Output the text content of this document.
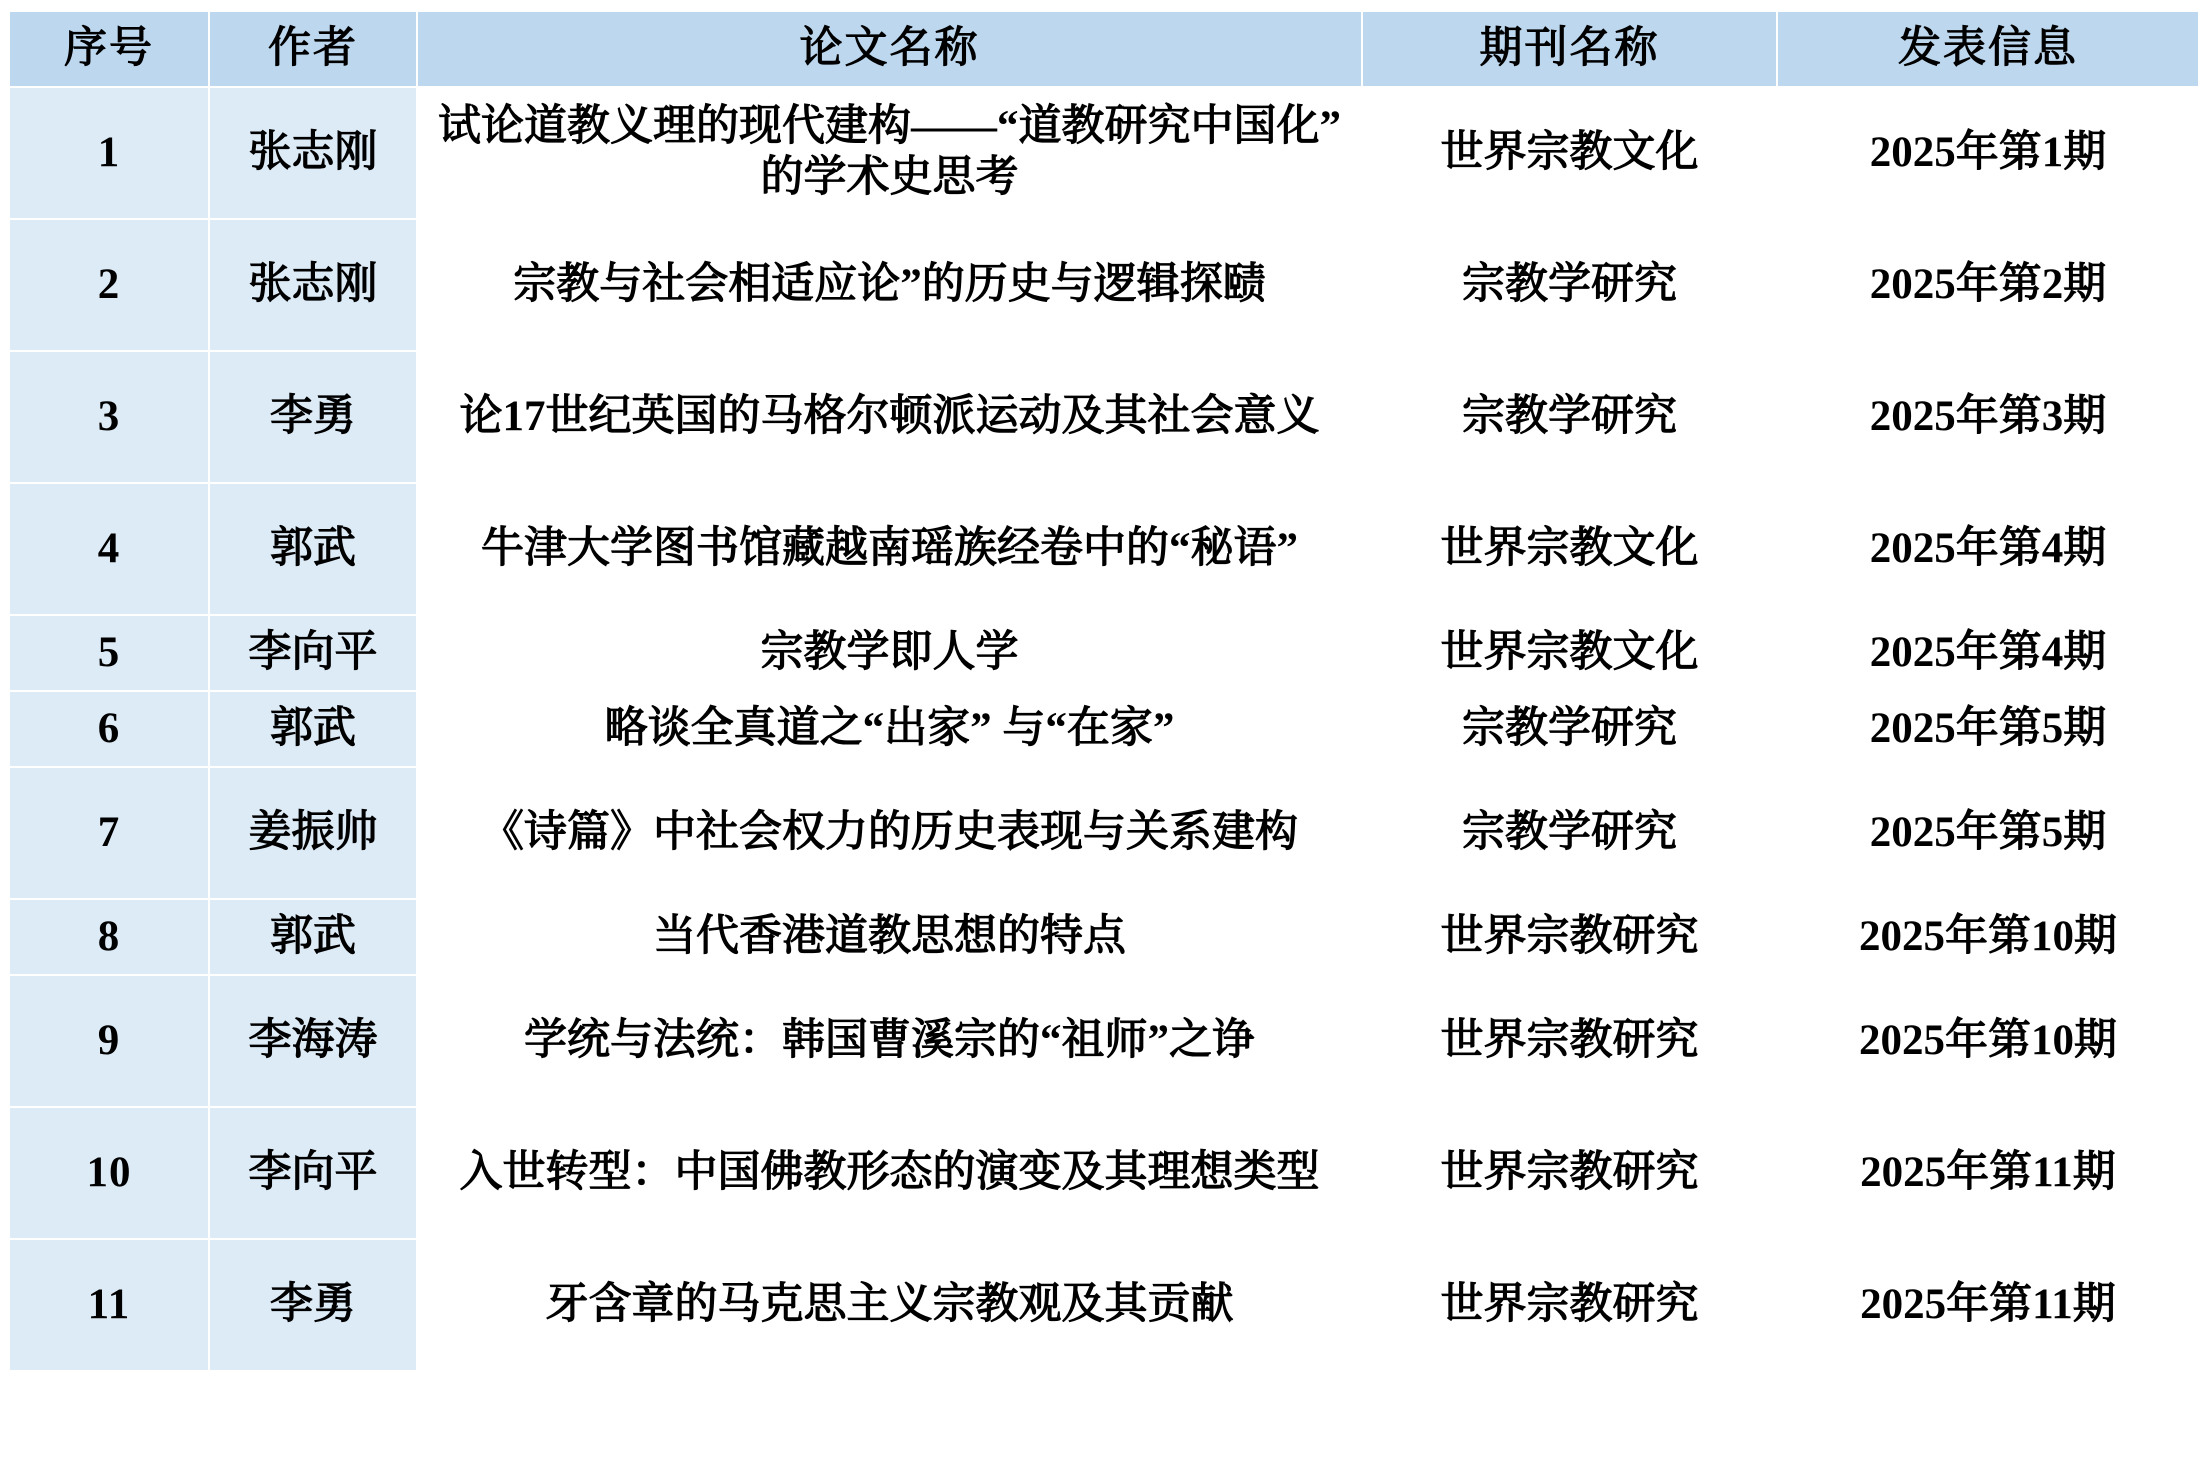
序号	作者	论文名称	期刊名称	发表信息
1	张志刚	试论道教义理的现代建构——“道教研究中国化”的学术史思考	世界宗教文化	2025年第1期
2	张志刚	宗教与社会相适应论”的历史与逻辑探赜	宗教学研究	2025年第2期
3	李勇	论17世纪英国的马格尔顿派运动及其社会意义	宗教学研究	2025年第3期
4	郭武	牛津大学图书馆藏越南瑶族经卷中的“秘语”	世界宗教文化	2025年第4期
5	李向平	宗教学即人学	世界宗教文化	2025年第4期
6	郭武	略谈全真道之“出家” 与“在家”	宗教学研究	2025年第5期
7	姜振帅	《诗篇》中社会权力的历史表现与关系建构	宗教学研究	2025年第5期
8	郭武	当代香港道教思想的特点	世界宗教研究	2025年第10期
9	李海涛	学统与法统：韩国曹溪宗的“祖师”之诤	世界宗教研究	2025年第10期
10	李向平	入世转型：中国佛教形态的演变及其理想类型	世界宗教研究	2025年第11期
11	李勇	牙含章的马克思主义宗教观及其贡献	世界宗教研究	2025年第11期
